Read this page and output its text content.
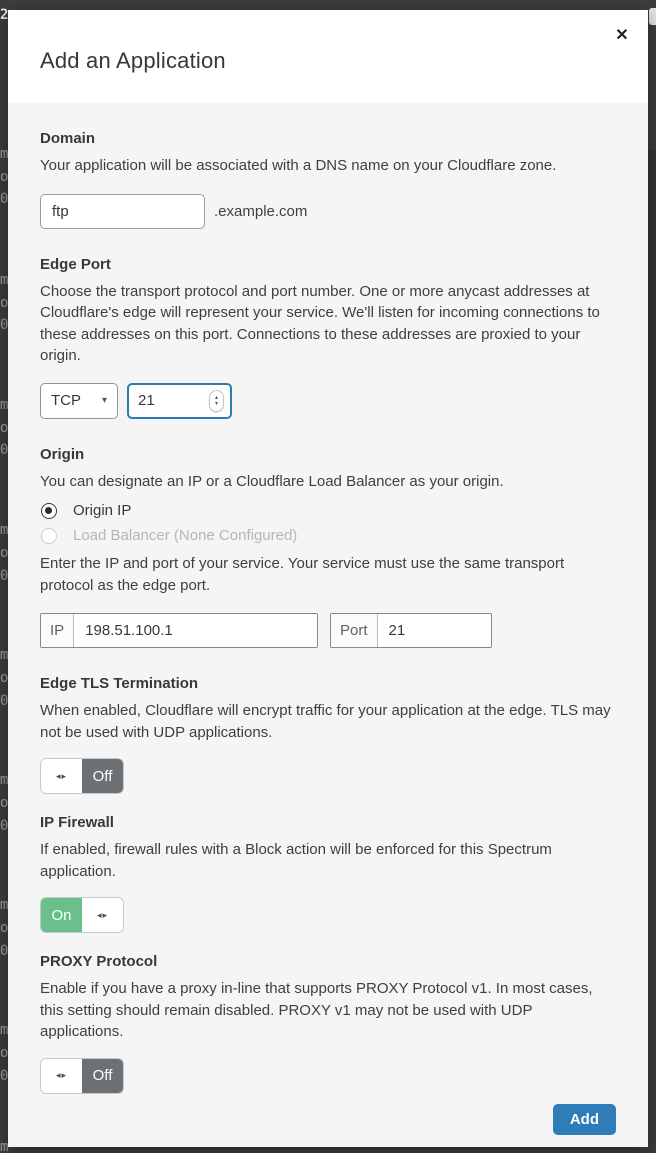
2
m
o
0
m
o
0
m
o
0
m
o
0
m
o
0
m
o
0
m
o
0
m
o
0
m
Add an Application
✕
Domain
Your application will be associated with a DNS name on your Cloudflare zone.
ftp
.example.com
Edge Port
Choose the transport protocol and port number. One or more anycast addresses at Cloudflare's edge will represent your service. We'll listen for incoming connections to these addresses on this port. Connections to these addresses are proxied to your origin.
TCP ▾
21	▴
▾
Origin
You can designate an IP or a Cloudflare Load Balancer as your origin.
Origin IP
Load Balancer (None Configured)
Enter the IP and port of your service. Your service must use the same transport protocol as the edge port.
IP
198.51.100.1	Port
21
Edge TLS Termination
When enabled, Cloudflare will encrypt traffic for your application at the edge. TLS may not be used with UDP applications.
◂▸	Off
IP Firewall
If enabled, firewall rules with a Block action will be enforced for this Spectrum application.
On	◂▸
PROXY Protocol
Enable if you have a proxy in-line that supports PROXY Protocol v1. In most cases, this setting should remain disabled. PROXY v1 may not be used with UDP applications.
◂▸	Off
Add
